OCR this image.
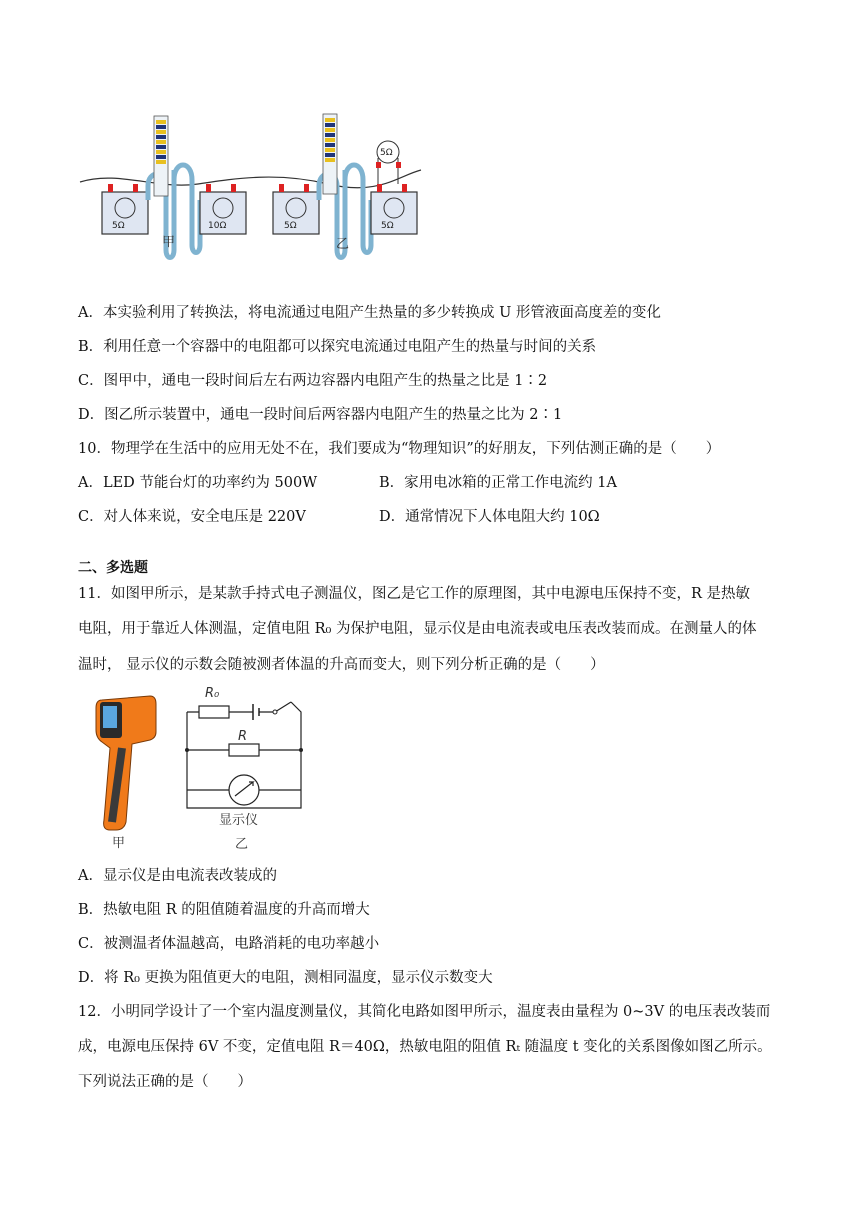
5Ω	10Ω
甲
5Ω
5Ω	5Ω
乙
A．本实验利用了转换法，将电流通过电阻产生热量的多少转换成 U 形管液面高度差的变化
B．利用任意一个容器中的电阻都可以探究电流通过电阻产生的热量与时间的关系
C．图甲中，通电一段时间后左右两边容器内电阻产生的热量之比是 1∶2
D．图乙所示装置中，通电一段时间后两容器内电阻产生的热量之比为 2∶1
10．物理学在生活中的应用无处不在，我们要成为“物理知识”的好朋友，下列估测正确的是（　　）
A．LED 节能台灯的功率约为 500W	B．家用电冰箱的正常工作电流约 1A
C．对人体来说，安全电压是 220V	D．通常情况下人体电阻大约 10Ω
二、多选题
11．如图甲所示，是某款手持式电子测温仪，图乙是它工作的原理图，其中电源电压保持不变，R 是热敏
电阻，用于靠近人体测温，定值电阻 R₀ 为保护电阻，显示仪是由电流表或电压表改装而成。在测量人的体
温时， 显示仪的示数会随被测者体温的升高而变大，则下列分析正确的是（　　）
甲
R₀
R
显示仪
乙
A．显示仪是由电流表改装成的
B．热敏电阻 R 的阻值随着温度的升高而增大
C．被测温者体温越高，电路消耗的电功率越小
D．将 R₀ 更换为阻值更大的电阻，测相同温度，显示仪示数变大
12．小明同学设计了一个室内温度测量仪，其简化电路如图甲所示，温度表由量程为 0~3V 的电压表改装而
成，电源电压保持 6V 不变，定值电阻 R＝40Ω，热敏电阻的阻值 Rₜ 随温度 t 变化的关系图像如图乙所示。
下列说法正确的是（　　）
